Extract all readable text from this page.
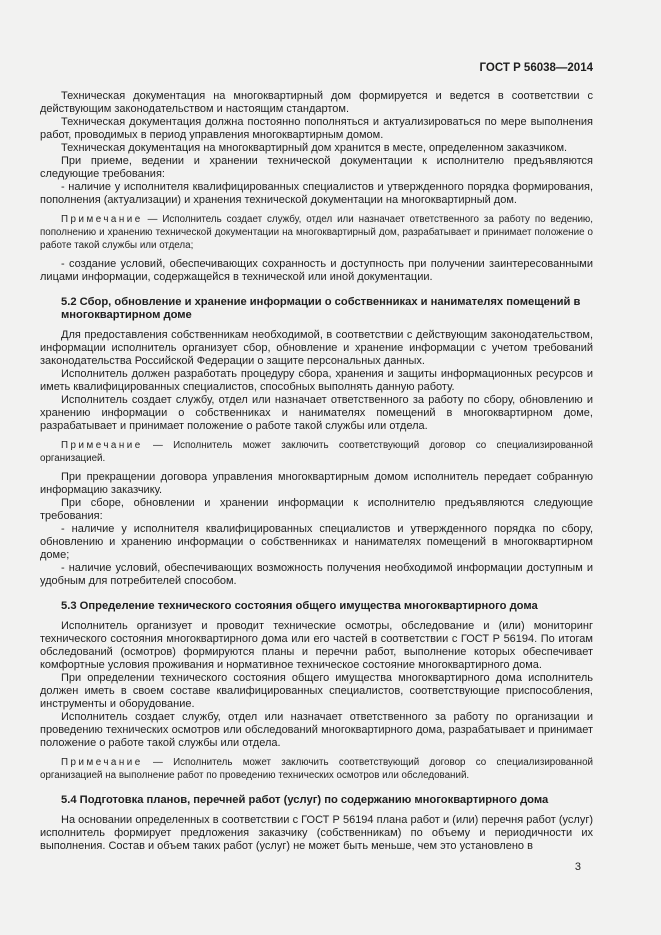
ГОСТ Р 56038—2014

Техническая документация на многоквартирный дом формируется и ведется в соответствии с действующим законодательством и настоящим стандартом.

Техническая документация должна постоянно пополняться и актуализироваться по мере выполнения работ, проводимых в период управления многоквартирным домом.

Техническая документация на многоквартирный дом хранится в месте, определенном заказчиком.

При приеме, ведении и хранении технической документации к исполнителю предъявляются следующие требования:

- наличие у исполнителя квалифицированных специалистов и утвержденного порядка формирования, пополнения (актуализации) и хранения технической документации на многоквартирный дом.

Примечание — Исполнитель создает службу, отдел или назначает ответственного за работу по ведению, пополнению и хранению технической документации на многоквартирный дом, разрабатывает и принимает положение о работе такой службы или отдела;

- создание условий, обеспечивающих сохранность и доступность при получении заинтересованными лицами информации, содержащейся в технической или иной документации.

5.2 Сбор, обновление и хранение информации о собственниках и нанимателях помещений в многоквартирном доме

Для предоставления собственникам необходимой, в соответствии с действующим законодательством, информации исполнитель организует сбор, обновление и хранение информации с учетом требований законодательства Российской Федерации о защите персональных данных.

Исполнитель должен разработать процедуру сбора, хранения и защиты информационных ресурсов и иметь квалифицированных специалистов, способных выполнять данную работу.

Исполнитель создает службу, отдел или назначает ответственного за работу по сбору, обновлению и хранению информации о собственниках и нанимателях помещений в многоквартирном доме, разрабатывает и принимает положение о работе такой службы или отдела.

Примечание — Исполнитель может заключить соответствующий договор со специализированной организацией.

При прекращении договора управления многоквартирным домом исполнитель передает собранную информацию заказчику.

При сборе, обновлении и хранении информации к исполнителю предъявляются следующие требования:

- наличие у исполнителя квалифицированных специалистов и утвержденного порядка по сбору, обновлению и хранению информации о собственниках и нанимателях помещений в многоквартирном доме;

- наличие условий, обеспечивающих возможность получения необходимой информации доступным и удобным для потребителей способом.

5.3 Определение технического состояния общего имущества многоквартирного дома

Исполнитель организует и проводит технические осмотры, обследование и (или) мониторинг технического состояния многоквартирного дома или его частей в соответствии с ГОСТ Р 56194. По итогам обследований (осмотров) формируются планы и перечни работ, выполнение которых обеспечивает комфортные условия проживания и нормативное техническое состояние многоквартирного дома.

При определении технического состояния общего имущества многоквартирного дома исполнитель должен иметь в своем составе квалифицированных специалистов, соответствующие приспособления, инструменты и оборудование.

Исполнитель создает службу, отдел или назначает ответственного за работу по организации и проведению технических осмотров или обследований многоквартирного дома, разрабатывает и принимает положение о работе такой службы или отдела.

Примечание — Исполнитель может заключить соответствующий договор со специализированной организацией на выполнение работ по проведению технических осмотров или обследований.

5.4 Подготовка планов, перечней работ (услуг) по содержанию многоквартирного дома

На основании определенных в соответствии с ГОСТ Р 56194 плана работ и (или) перечня работ (услуг) исполнитель формирует предложения заказчику (собственникам) по объему и периодичности их выполнения. Состав и объем таких работ (услуг) не может быть меньше, чем это установлено в

3
